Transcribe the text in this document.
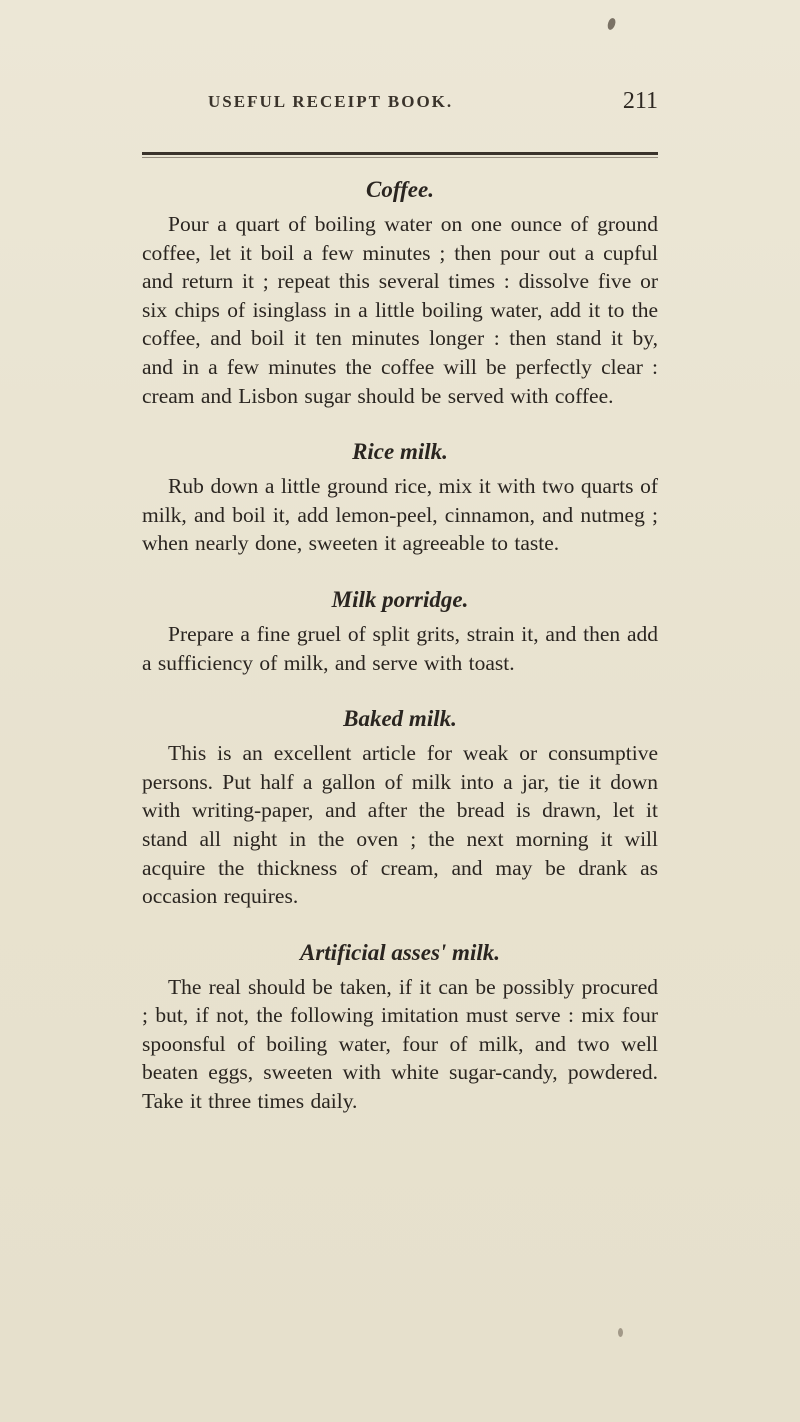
USEFUL RECEIPT BOOK.	211
Coffee.

Pour a quart of boiling water on one ounce of ground coffee, let it boil a few minutes ; then pour out a cupful and return it ; repeat this several times : dissolve five or six chips of isinglass in a little boiling water, add it to the coffee, and boil it ten minutes longer : then stand it by, and in a few minutes the coffee will be perfectly clear : cream and Lisbon sugar should be served with coffee.

Rice milk.

Rub down a little ground rice, mix it with two quarts of milk, and boil it, add lemon-peel, cinnamon, and nutmeg ; when nearly done, sweeten it agreeable to taste.

Milk porridge.

Prepare a fine gruel of split grits, strain it, and then add a sufficiency of milk, and serve with toast.

Baked milk.

This is an excellent article for weak or consumptive persons. Put half a gallon of milk into a jar, tie it down with writing-paper, and after the bread is drawn, let it stand all night in the oven ; the next morning it will acquire the thickness of cream, and may be drank as occasion requires.

Artificial asses' milk.

The real should be taken, if it can be possibly procured ; but, if not, the following imitation must serve : mix four spoonsful of boiling water, four of milk, and two well beaten eggs, sweeten with white sugar-candy, powdered. Take it three times daily.
